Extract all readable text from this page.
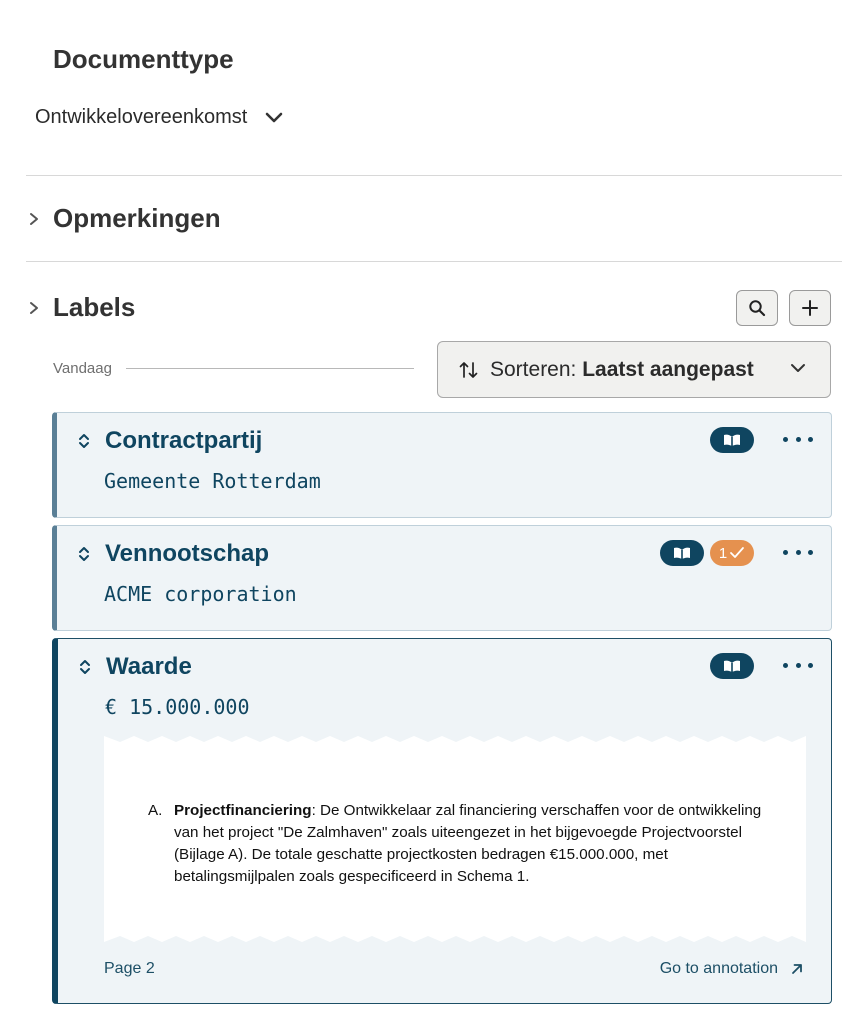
Documenttype
Ontwikkelovereenkomst
Opmerkingen
Labels
Vandaag	Sorteren: Laatst aangepast
Contractpartij
Gemeente Rotterdam
Vennootschap
ACME corporation
1
Waarde
€ 15.000.000
A. Projectfinanciering: De Ontwikkelaar zal financiering verschaffen voor de ontwikkeling van het project "De Zalmhaven" zoals uiteengezet in het bijgevoegde Projectvoorstel (Bijlage A). De totale geschatte projectkosten bedragen €15.000.000, met betalingsmijlpalen zoals gespecificeerd in Schema 1.
Page 2	Go to annotation
